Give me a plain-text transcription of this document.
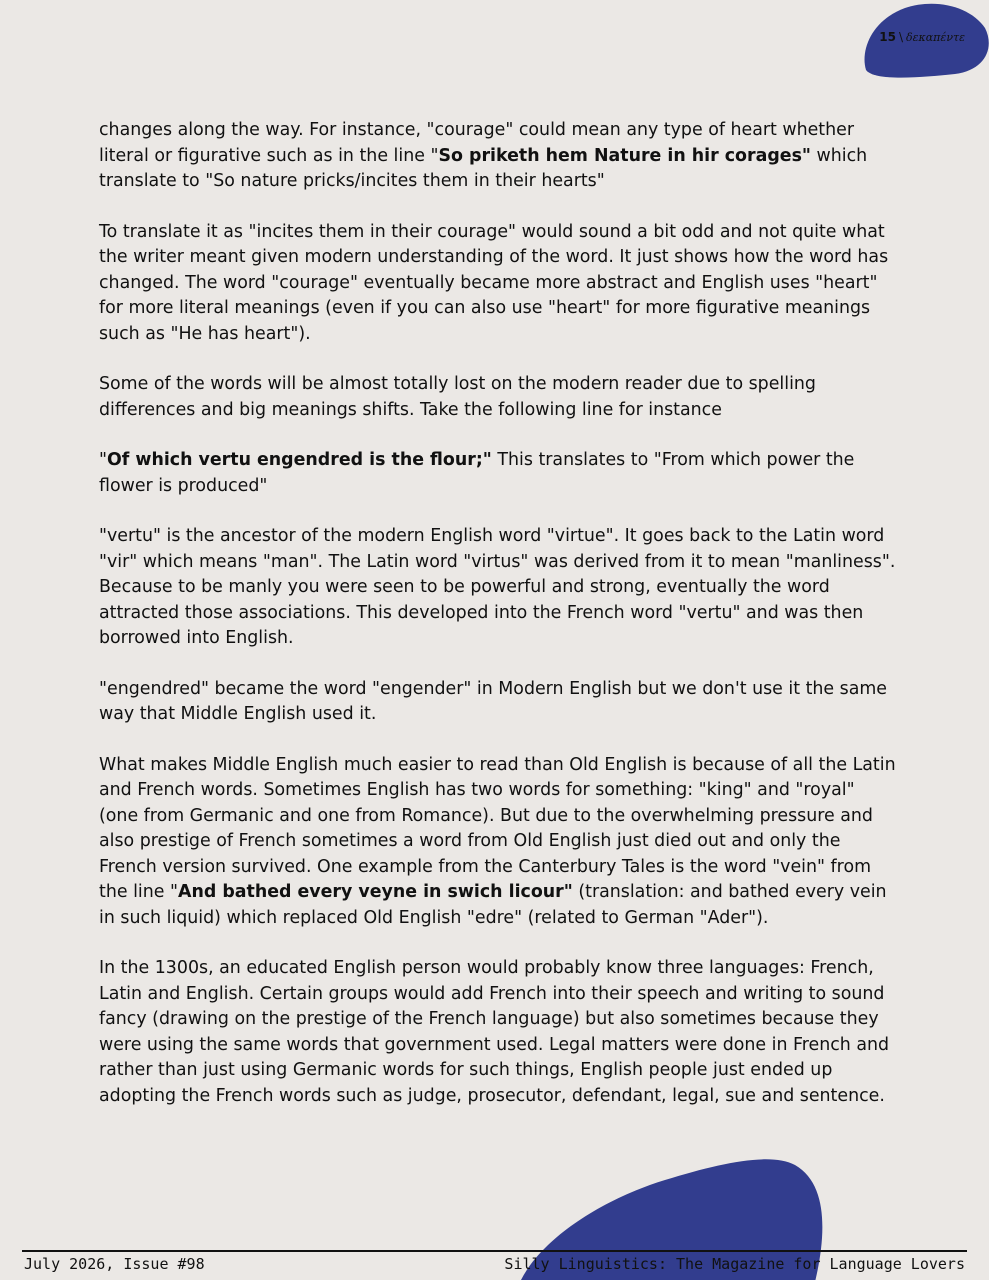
15 \ δεκαπέντε

changes along the way. For instance, "courage" could mean any type of heart whether literal or figurative such as in the line "So priketh hem Nature in hir corages" which translate to "So nature pricks/incites them in their hearts"

To translate it as "incites them in their courage" would sound a bit odd and not quite what the writer meant given modern understanding of the word. It just shows how the word has changed. The word "courage" eventually became more abstract and English uses "heart" for more literal meanings (even if you can also use "heart" for more figurative meanings such as "He has heart").

Some of the words will be almost totally lost on the modern reader due to spelling differences and big meanings shifts. Take the following line for instance

"Of which vertu engendred is the flour;" This translates to "From which power the flower is produced"

"vertu" is the ancestor of the modern English word "virtue". It goes back to the Latin word "vir" which means "man". The Latin word "virtus" was derived from it to mean "manliness". Because to be manly you were seen to be powerful and strong, eventually the word attracted those associations. This developed into the French word "vertu" and was then borrowed into English.

"engendred" became the word "engender" in Modern English but we don't use it the same way that Middle English used it.

What makes Middle English much easier to read than Old English is because of all the Latin and French words. Sometimes English has two words for something: "king" and "royal" (one from Germanic and one from Romance). But due to the overwhelming pressure and also prestige of French sometimes a word from Old English just died out and only the French version survived. One example from the Canterbury Tales is the word "vein" from the line "And bathed every veyne in swich licour" (translation: and bathed every vein in such liquid) which replaced Old English "edre" (related to German "Ader").

In the 1300s, an educated English person would probably know three languages: French, Latin and English. Certain groups would add French into their speech and writing to sound fancy (drawing on the prestige of the French language) but also sometimes because they were using the same words that government used. Legal matters were done in French and rather than just using Germanic words for such things, English people just ended up adopting the French words such as judge, prosecutor, defendant, legal, sue and sentence.

July 2026, Issue #98	Silly Linguistics: The Magazine for Language Lovers
